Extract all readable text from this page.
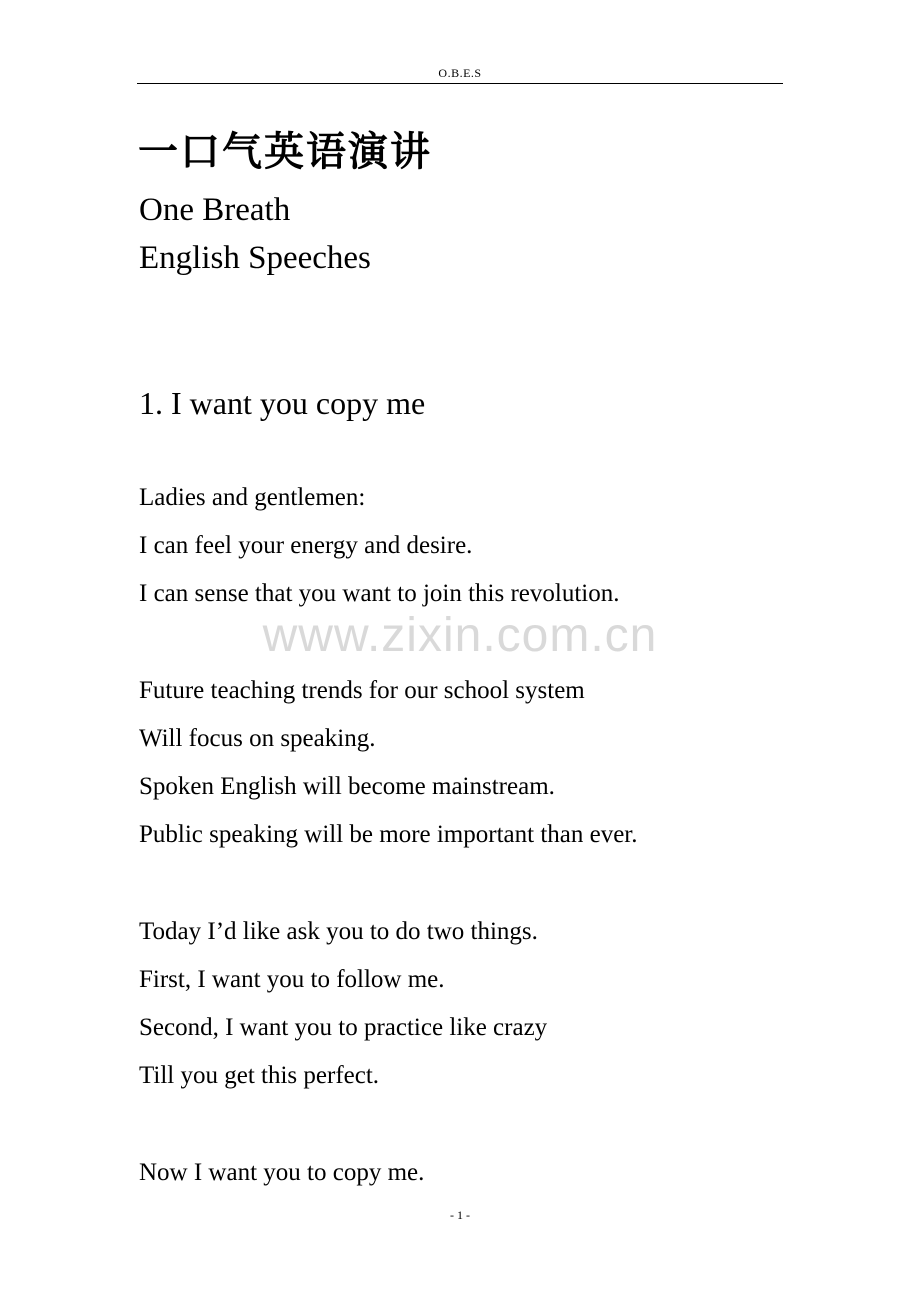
O.B.E.S
一口气英语演讲
One Breath
English Speeches
1. I want you copy me
Ladies and gentlemen:
I can feel your energy and desire.
I can sense that you want to join this revolution.
Future teaching trends for our school system
Will focus on speaking.
Spoken English will become mainstream.
Public speaking will be more important than ever.
Today I’d like ask you to do two things.
First, I want you to follow me.
Second, I want you to practice like crazy
Till you get this perfect.
Now I want you to copy me.
www.zixin.com.cn
- 1 -
